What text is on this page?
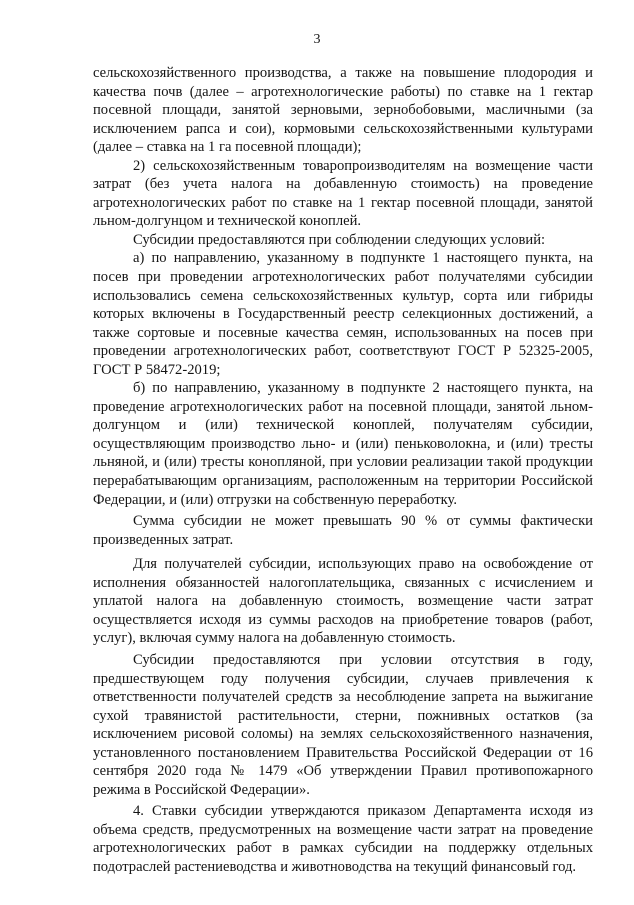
3

сельскохозяйственного производства, а также на повышение плодородия и качества почв (далее – агротехнологические работы) по ставке на 1 гектар посевной площади, занятой зерновыми, зернобобовыми, масличными (за исключением рапса и сои), кормовыми сельскохозяйственными культурами (далее – ставка на 1 га посевной площади);

2) сельскохозяйственным товаропроизводителям на возмещение части затрат (без учета налога на добавленную стоимость) на проведение агротехнологических работ по ставке на 1 гектар посевной площади, занятой льном-долгунцом и технической коноплей.

Субсидии предоставляются при соблюдении следующих условий:

а) по направлению, указанному в подпункте 1 настоящего пункта, на посев при проведении агротехнологических работ получателями субсидии использовались семена сельскохозяйственных культур, сорта или гибриды которых включены в Государственный реестр селекционных достижений, а также сортовые и посевные качества семян, использованных на посев при проведении агротехнологических работ, соответствуют ГОСТ Р 52325-2005, ГОСТ Р 58472-2019;

б) по направлению, указанному в подпункте 2 настоящего пункта, на проведение агротехнологических работ на посевной площади, занятой льном-долгунцом и (или) технической коноплей, получателям субсидии, осуществляющим производство льно- и (или) пеньковолокна, и (или) тресты льняной, и (или) тресты конопляной, при условии реализации такой продукции перерабатывающим организациям, расположенным на территории Российской Федерации, и (или) отгрузки на собственную переработку.

Сумма субсидии не может превышать 90 % от суммы фактически произведенных затрат.

Для получателей субсидии, использующих право на освобождение от исполнения обязанностей налогоплательщика, связанных с исчислением и уплатой налога на добавленную стоимость, возмещение части затрат осуществляется исходя из суммы расходов на приобретение товаров (работ, услуг), включая сумму налога на добавленную стоимость.

Субсидии предоставляются при условии отсутствия в году, предшествующем году получения субсидии, случаев привлечения к ответственности получателей средств за несоблюдение запрета на выжигание сухой травянистой растительности, стерни, пожнивных остатков (за исключением рисовой соломы) на землях сельскохозяйственного назначения, установленного постановлением Правительства Российской Федерации от 16 сентября 2020 года № 1479 «Об утверждении Правил противопожарного режима в Российской Федерации».

4. Ставки субсидии утверждаются приказом Департамента исходя из объема средств, предусмотренных на возмещение части затрат на проведение агротехнологических работ в рамках субсидии на поддержку отдельных подотраслей растениеводства и животноводства на текущий финансовый год.
